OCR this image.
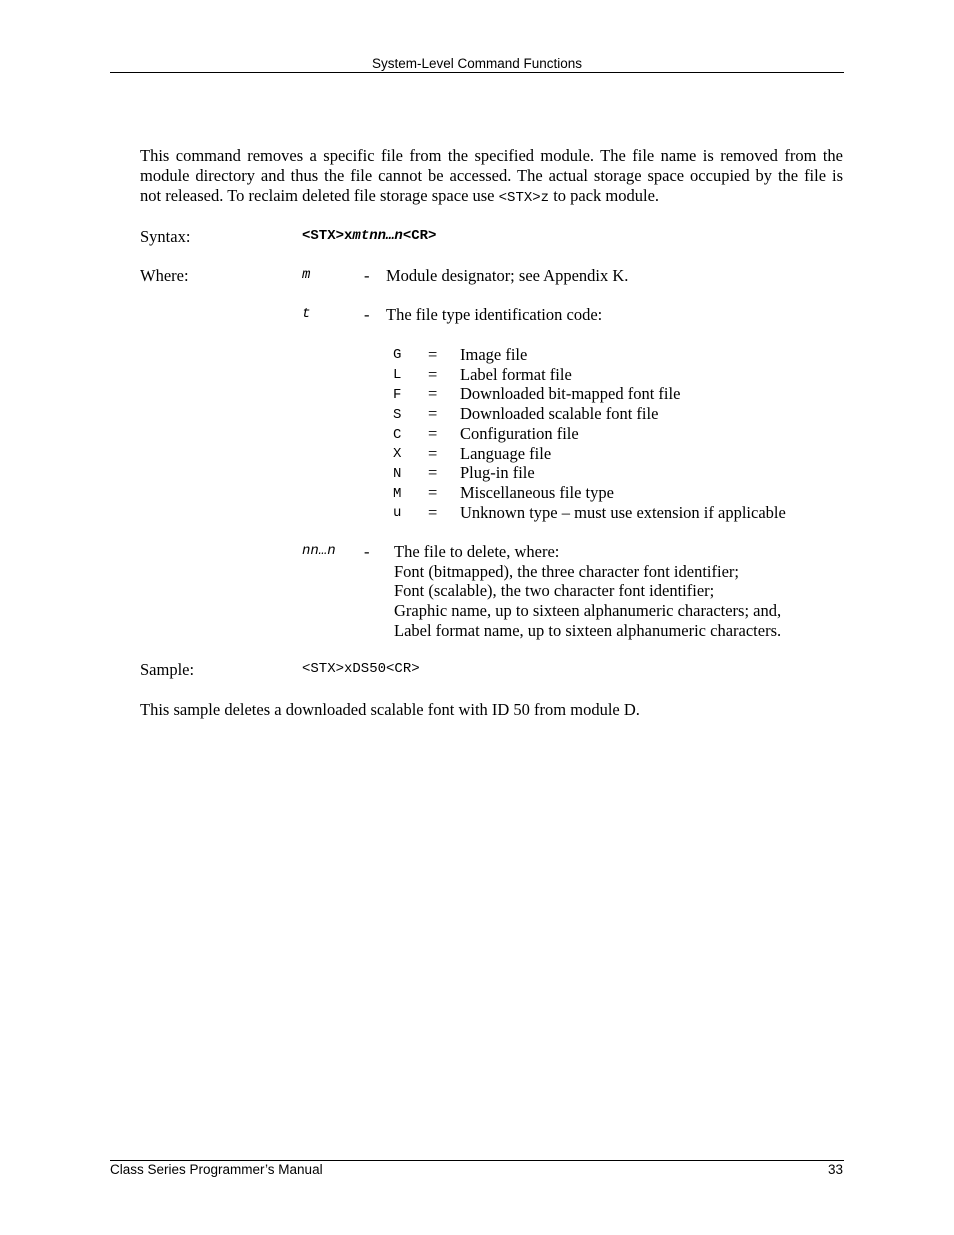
System-Level Command Functions
This command removes a specific file from the specified module. The file name is removed from the
module directory and thus the file cannot be accessed. The actual storage space occupied by the file is
not released. To reclaim deleted file storage space use <STX>z to pack module.
Syntax:	<STX>xmtnn…n<CR>
Where:	m	- Module designator; see Appendix K.
t	- The file type identification code:
G = Image file
L = Label format file
F = Downloaded bit-mapped font file
S = Downloaded scalable font file
C = Configuration file
X = Language file
N = Plug-in file
M = Miscellaneous file type
u = Unknown type – must use extension if applicable
nn…n - The file to delete, where:
Font (bitmapped), the three character font identifier;
Font (scalable), the two character font identifier;
Graphic name, up to sixteen alphanumeric characters; and,
Label format name, up to sixteen alphanumeric characters.
Sample:	<STX>xDS50<CR>
This sample deletes a downloaded scalable font with ID 50 from module D.
Class Series Programmer’s Manual	33
